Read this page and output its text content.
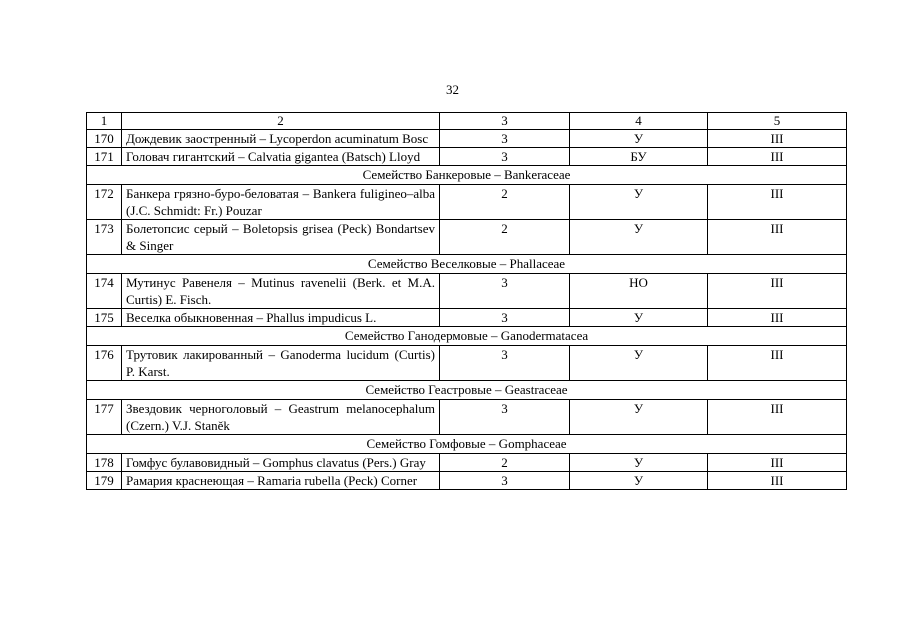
32
1	2	3	4	5
170	Дождевик заостренный – Lycoperdon acuminatum Bosc	3	У	III
171	Головач гигантский – Calvatia gigantea (Batsch) Lloyd	3	БУ	III
Семейство Банкеровые – Bankeraceae				
172	Банкера грязно-буро-беловатая – Bankera fuligineo–alba (J.C. Schmidt: Fr.) Pouzar	2	У	III
173	Болетопсис серый – Boletopsis grisea (Peck) Bondartsev & Singer	2	У	III
Семейство Веселковые – Phallaceae				
174	Мутинус Равенеля – Mutinus ravenelii (Berk. et M.A. Curtis) E. Fisch.	3	НО	III
175	Веселка обыкновенная – Phallus impudicus L.	3	У	III
Семейство Ганодермовые – Ganodermatacea				
176	Трутовик лакированный – Ganoderma lucidum (Curtis) P. Karst.	3	У	III
Семейство Геастровые – Geastraceae				
177	Звездовик черноголовый – Geastrum melanocephalum (Czern.) V.J. Staněk	3	У	III
Семейство Гомфовые – Gomphaceae				
178	Гомфус булавовидный – Gomphus clavatus (Pers.) Gray	2	У	III
179	Рамария краснеющая – Ramaria rubella (Peck) Corner	3	У	III
